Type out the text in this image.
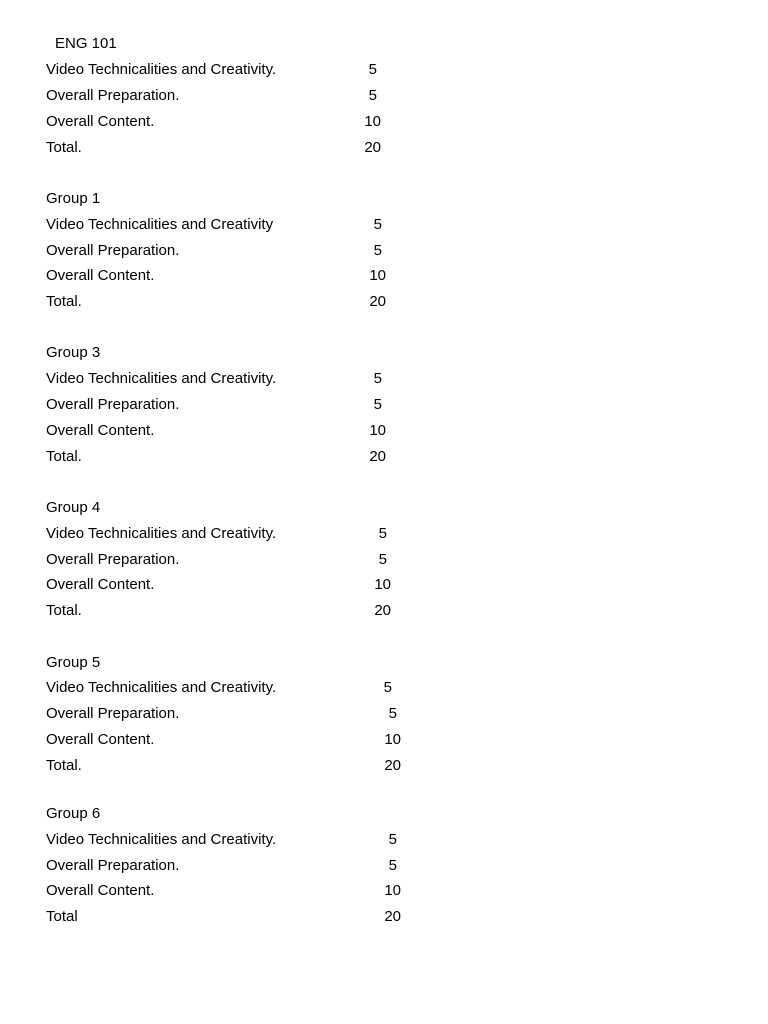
ENG 101
Video Technicalities and Creativity.	5
Overall Preparation.	5
Overall Content.	10
Total.	20
Group 1
Video Technicalities and Creativity	5
Overall Preparation.	5
Overall Content.	10
Total.	20
Group 3
Video Technicalities and Creativity.	5
Overall Preparation.	5
Overall Content.	10
Total.	20
Group 4
Video Technicalities and Creativity.	5
Overall Preparation.	5
Overall Content.	10
Total.	20
Group 5
Video Technicalities and Creativity.	5
Overall Preparation.	5
Overall Content.	10
Total.	20
Group 6
Video Technicalities and Creativity.	5
Overall Preparation.	5
Overall Content.	10
Total	20
